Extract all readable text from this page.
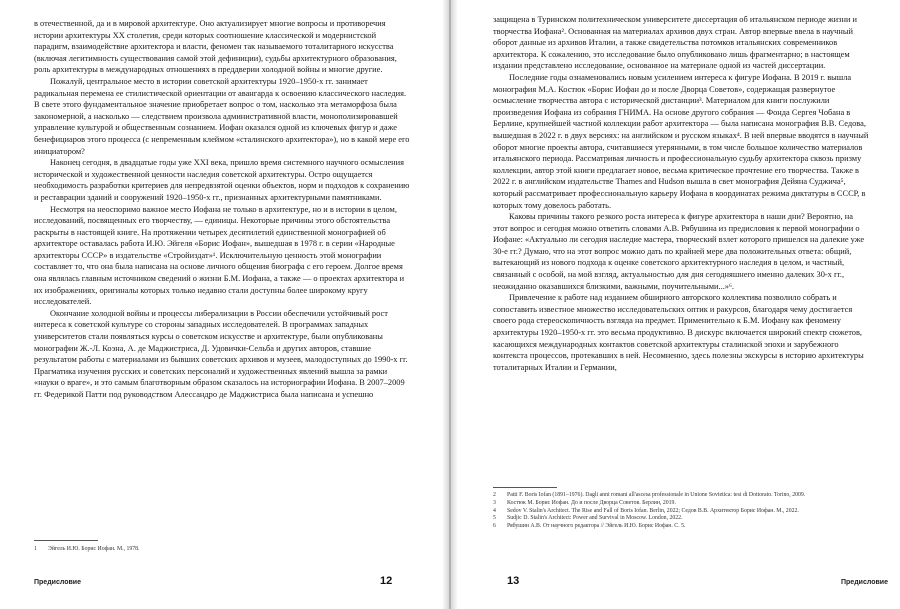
в отечественной, да и в мировой архитектуре. Оно актуализирует многие вопросы и противоречия истории архитектуры XX столетия, среди которых соотношение классической и модернистской парадигм, взаимодействие архитектора и власти, феномен так называемого тоталитарного искусства (включая легитимность существования самой этой дефиниции), судьбы архитектурного образования, роль архитектуры в международных отношениях в преддверии холодной войны и многие другие.

Пожалуй, центральное место в истории советской архитектуры 1920–1950-х гг. занимает радикальная перемена ее стилистической ориентации от авангарда к освоению классического наследия. В свете этого фундаментальное значение приобретает вопрос о том, насколько эта метаморфоза была закономерной, а насколько — следствием произвола административной власти, монополизировавшей управление культурой и общественным сознанием. Иофан оказался одной из ключевых фигур и даже бенефициаров этого процесса (с непременным клеймом «сталинского архитектора»), но в какой мере его инициатором?

Наконец сегодня, в двадцатые годы уже XXI века, пришло время системного научного осмысления исторической и художественной ценности наследия советской архитектуры. Остро ощущается необходимость разработки критериев для непредвзятой оценки объектов, норм и подходов к сохранению и реставрации зданий и сооружений 1920–1950-х гг., признанных архитектурными памятниками.

Несмотря на неоспоримо важное место Иофана не только в архитектуре, но и в истории в целом, исследований, посвященных его творчеству, — единицы. Некоторые причины этого обстоятельства раскрыты в настоящей книге. На протяжении четырех десятилетий единственной монографией об архитекторе оставалась работа И.Ю. Эйгеля «Борис Иофан», вышедшая в 1978 г. в серии «Народные архитекторы СССР» в издательстве «Стройиздат»¹. Исключительную ценность этой монографии составляет то, что она была написана на основе личного общения биографа с его героем. Долгое время она являлась главным источником сведений о жизни Б.М. Иофана, а также — о проектах архитектора и их изображениях, оригиналы которых только недавно стали доступны более широкому кругу исследователей.

Окончание холодной войны и процессы либерализации в России обеспечили устойчивый рост интереса к советской культуре со стороны западных исследователей. В программах западных университетов стали появляться курсы о советском искусстве и архитектуре, были опубликованы монографии Ж.-Л. Коэна, А. де Маджистриса, Д. Удовички-Сельба и других авторов, ставшие результатом работы с материалами из бывших советских архивов и музеев, малодоступных до 1990-х гг. Прагматика изучения русских и советских персоналий и художественных явлений вышла за рамки «науки о враге», и это самым благотворным образом сказалось на историографии Иофана. В 2007–2009 гг. Федерикой Патти под руководством Алессандро де Маджистриса была написана и успешно

1	Эйгель И.Ю. Борис Иофан. М., 1978.
Предисловие	12

защищена в Туринском политехническом университете диссертация об итальянском периоде жизни и творчества Иофана². Основанная на материалах архивов двух стран. Автор впервые ввела в научный оборот данные из архивов Италии, а также свидетельства потомков итальянских современников архитектора. К сожалению, это исследование было опубликовано лишь фрагментарно; в настоящем издании представлено исследование, основанное на материале одной из частей диссертации.

Последние годы ознаменовались новым усилением интереса к фигуре Иофана. В 2019 г. вышла монография М.А. Костюк «Борис Иофан до и после Дворца Советов», содержащая развернутое осмысление творчества автора с исторической дистанции³. Материалом для книги послужили произведения Иофана из собрания ГНИМА. На основе другого собрания — Фонда Сергея Чобана в Берлине, крупнейшей частной коллекции работ архитектора — была написана монография В.В. Седова, вышедшая в 2022 г. в двух версиях: на английском и русском языках⁴. В ней впервые вводятся в научный оборот многие проекты автора, считавшиеся утерянными, в том числе большое количество материалов итальянского периода. Рассматривая личность и профессиональную судьбу архитектора сквозь призму коллекции, автор этой книги предлагает новое, весьма критическое прочтение его творчества. Также в 2022 г. в английском издательстве Thames and Hudson вышла в свет монография Дейяна Суджича⁵, который рассматривает профессиональную карьеру Иофана в координатах режима диктатуры в СССР, в которых тому довелось работать.

Каковы причины такого резкого роста интереса к фигуре архитектора в наши дни? Вероятно, на этот вопрос и сегодня можно ответить словами А.В. Рябушина из предисловия к первой монографии о Иофане: «Актуально ли сегодня наследие мастера, творческий взлет которого пришелся на далекие уже 30-е гг.? Думаю, что на этот вопрос можно дать по крайней мере два положительных ответа: общий, вытекающий из нового подхода к оценке советского архитектурного наследия в целом, и частный, связанный с особой, на мой взгляд, актуальностью для дня сегодняшнего именно далеких 30-х гг., неожиданно оказавшихся близкими, важными, поучительными...»⁶.

Привлечение к работе над изданием обширного авторского коллектива позволило собрать и сопоставить известное множество исследовательских оптик и ракурсов, благодаря чему достигается своего рода стереоскопичность взгляда на предмет. Применительно к Б.М. Иофану как феномену архитектуры 1920–1950-х гг. это весьма продуктивно. В дискурс включается широкий спектр сюжетов, касающихся международных контактов советской архитектуры сталинской эпохи и зарубежного контекста процессов, протекавших в ней. Несомненно, здесь полезны экскурсы в историю архитектуры тоталитарных Италии и Германии,

2	Patti F. Boris Iofan (1891–1976). Dagli anni romani all'ascesa professionale in Unione Sovietica: tesi di Dottorato. Torino, 2009.
3	Костюк М. Борис Иофан. До и после Дворца Советов. Берлин, 2019.
4	Sedov V. Stalin's Architect. The Rise and Fall of Boris Iofan. Berlin, 2022; Седов В.В. Архитектор Борис Иофан. М., 2022.
5	Sudjic D. Stalin's Architect: Power and Survival in Moscow. London, 2022.
6	Рябушин А.В. От научного редактора // Эйгель И.Ю. Борис Иофан. С. 5.
13	Предисловие
